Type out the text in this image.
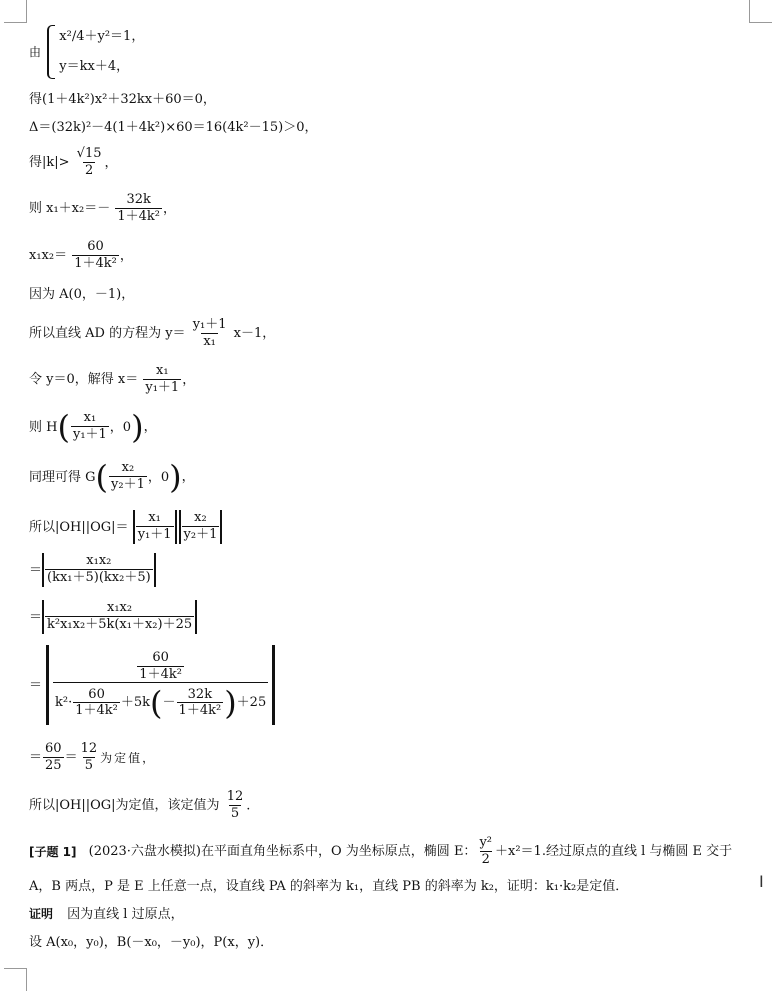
由
x²/4＋y²＝1，
y＝kx＋4，
得(1＋4k²)x²＋32kx＋60＝0，
Δ＝(32k)²－4(1＋4k²)×60＝16(4k²－15)＞0，
得$|k|> \frac{√15}{2}$ ，
则 $x_1+x_2=- \frac{32k}{\text{1＋4k²}}$ ，
$x_1x_2= \frac{60}{\text{1＋4k²}}$ ，
因为 A(0，－1)，
所以直线 AD 的方程为 $y= \frac{\text{y₁＋1}}{\text{x₁}} x-1$，
令 y＝0，解得 $x= \frac{\text{x₁}}{\text{y₁＋1}}$ ，
则 $H( \frac{\text{x₁}}{\text{y₁＋1}}$ ，0)，
同理可得 $G( \frac{\text{x₂}}{\text{y₂＋1}}$ ，0)，
所以$|OH||OG|= \frac{\text{x₁}}{\text{y₁＋1}} \frac{\text{x₂}}{\text{y₂＋1}}$
＝ $\frac{\text{x₁x₂}}{\text{(kx₁＋5)(kx₂＋5)}}$
＝ $\frac{\text{x₁x₂}}{\text{k²x₁x₂＋5k(x₁＋x₂)＋25}}$
＝ $\frac{\frac{60}{\text{1＋4k²}}}{k^2\cdot \frac{60}{\text{1＋4k²}} +5k(- \frac{32k}{\text{1＋4k²}} )+25}$
＝ $\frac{60}{25} = \frac{12}{5}$ 为定值，
所以|OH||OG|为定值，该定值为 $\frac{12}{5}$ .
[子题 1] (2023·六盘水模拟)在平面直角坐标系中，O 为坐标原点，椭圆 E： $\frac{\text{y²}}{2} +x^2=1$.经过原点的直线 l 与椭圆 E 交于
A，B 两点，P 是 E 上任意一点，设直线 PA 的斜率为 k₁，直线 PB 的斜率为 k₂，证明：k₁·k₂是定值．
证明 因为直线 l 过原点，
设 A(x₀，y₀)，B(－x₀，－y₀)，P(x，y)．
I
